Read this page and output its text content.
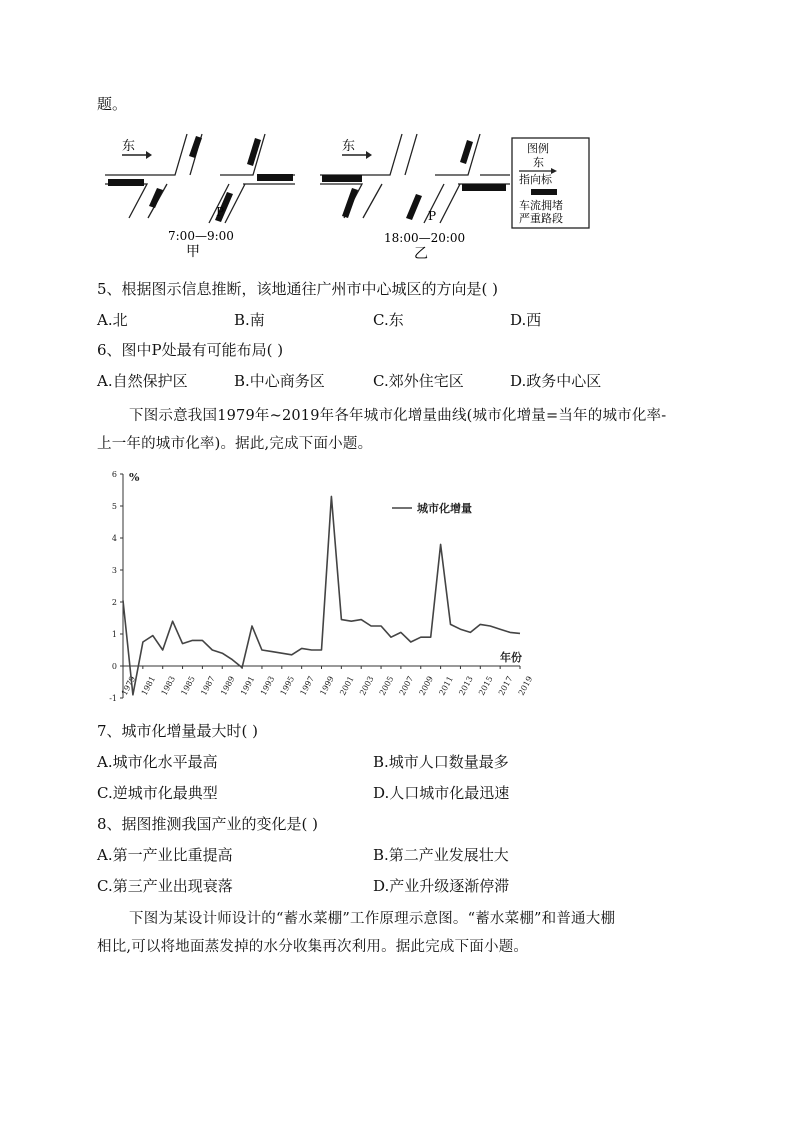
题。
东
P
7:00—9:00
甲
东
P
18:00—20:00
乙
图例
东
指向标
车流拥堵
严重路段
5、根据图示信息推断，该地通往广州市中心城区的方向是( )
A.北	B.南	C.东	D.西
6、图中P处最有可能布局( )
A.自然保护区	B.中心商务区	C.郊外住宅区	D.政务中心区
下图示意我国1979年~2019年各年城市化增量曲线(城市化增量=当年的城市化率-
上一年的城市化率)。据此,完成下面小题。
6
5
4
3
2
1
0
-1
%
1979 1981 1983 1985 1987 1989 1991 1993 1995 1997 1999 2001 2003 2005 2007 2009 2011 2013 2015 2017 2019
年份
城市化增量
7、城市化增量最大时( )
A.城市化水平最高	B.城市人口数量最多
C.逆城市化最典型	D.人口城市化最迅速
8、据图推测我国产业的变化是( )
A.第一产业比重提高	B.第二产业发展壮大
C.第三产业出现衰落	D.产业升级逐渐停滞
下图为某设计师设计的“蓄水菜棚”工作原理示意图。“蓄水菜棚”和普通大棚
相比,可以将地面蒸发掉的水分收集再次利用。据此完成下面小题。
